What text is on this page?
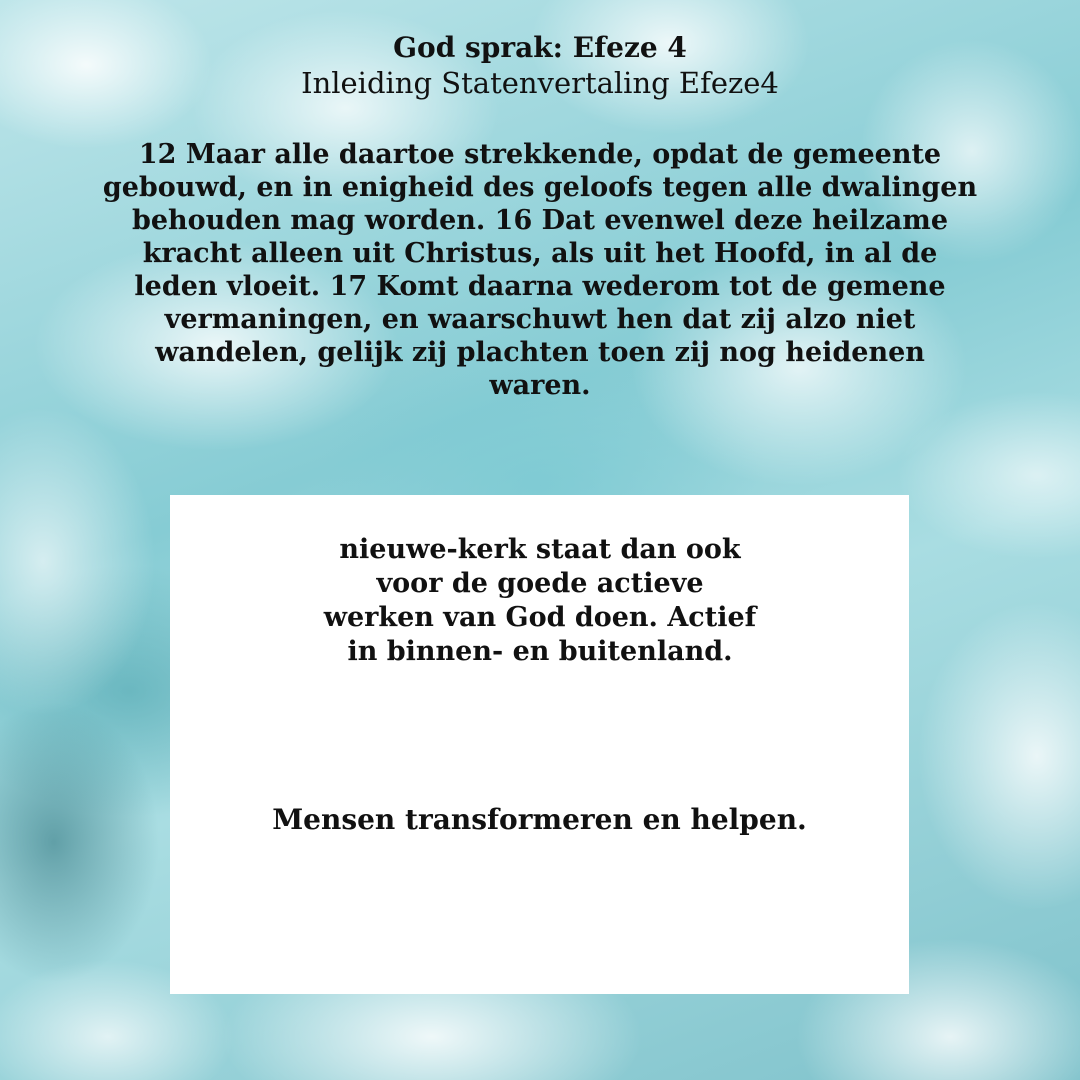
God sprak: Efeze 4
Inleiding Statenvertaling Efeze4
12 Maar alle daartoe strekkende, opdat de gemeente gebouwd, en in enigheid des geloofs tegen alle dwalingen behouden mag worden. 16 Dat evenwel deze heilzame kracht alleen uit Christus, als uit het Hoofd, in al de leden vloeit. 17 Komt daarna wederom tot de gemene vermaningen, en waarschuwt hen dat zij alzo niet wandelen, gelijk zij plachten toen zij nog heidenen waren.
nieuwe-kerk staat dan ook voor de goede actieve werken van God doen. Actief in binnen- en buitenland.
Mensen transformeren en helpen.
